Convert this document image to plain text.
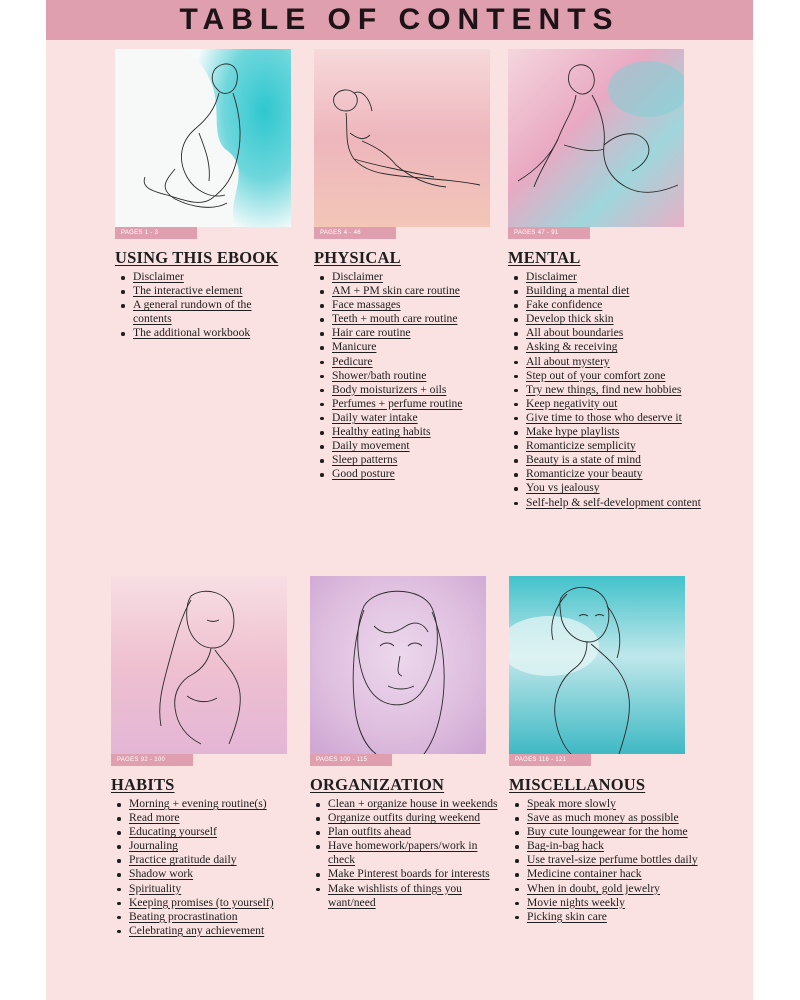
TABLE OF CONTENTS
PAGES 1 - 3
USING THIS EBOOK
Disclaimer
The interactive element
A general rundown of the contents
The additional workbook
PAGES 4 - 46
PHYSICAL
Disclaimer
AM + PM skin care routine
Face massages
Teeth + mouth care routine
Hair care routine
Manicure
Pedicure
Shower/bath routine
Body moisturizers + oils
Perfumes + perfume routine
Daily water intake
Healthy eating habits
Daily movement
Sleep patterns
Good posture
PAGES 47 - 91
MENTAL
Disclaimer
Building a mental diet
Fake confidence
Develop thick skin
All about boundaries
Asking & receiving
All about mystery
Step out of your comfort zone
Try new things, find new hobbies
Keep negativity out
Give time to those who deserve it
Make hype playlists
Romanticize semplicity
Beauty is a state of mind
Romanticize your beauty
You vs jealousy
Self-help & self-development content
PAGES 92 - 100
HABITS
Morning + evening routine(s)
Read more
Educating yourself
Journaling
Practice gratitude daily
Shadow work
Spirituality
Keeping promises (to yourself)
Beating procrastination
Celebrating any achievement
PAGES 100 - 115
ORGANIZATION
Clean + organize house in weekends
Organize outfits during weekend
Plan outfits ahead
Have homework/papers/work in check
Make Pinterest boards for interests
Make wishlists of things you want/need
PAGES 116 - 121
MISCELLANOUS
Speak more slowly
Save as much money as possible
Buy cute loungewear for the home
Bag-in-bag hack
Use travel-size perfume bottles daily
Medicine container hack
When in doubt, gold jewelry
Movie nights weekly
Picking skin care
